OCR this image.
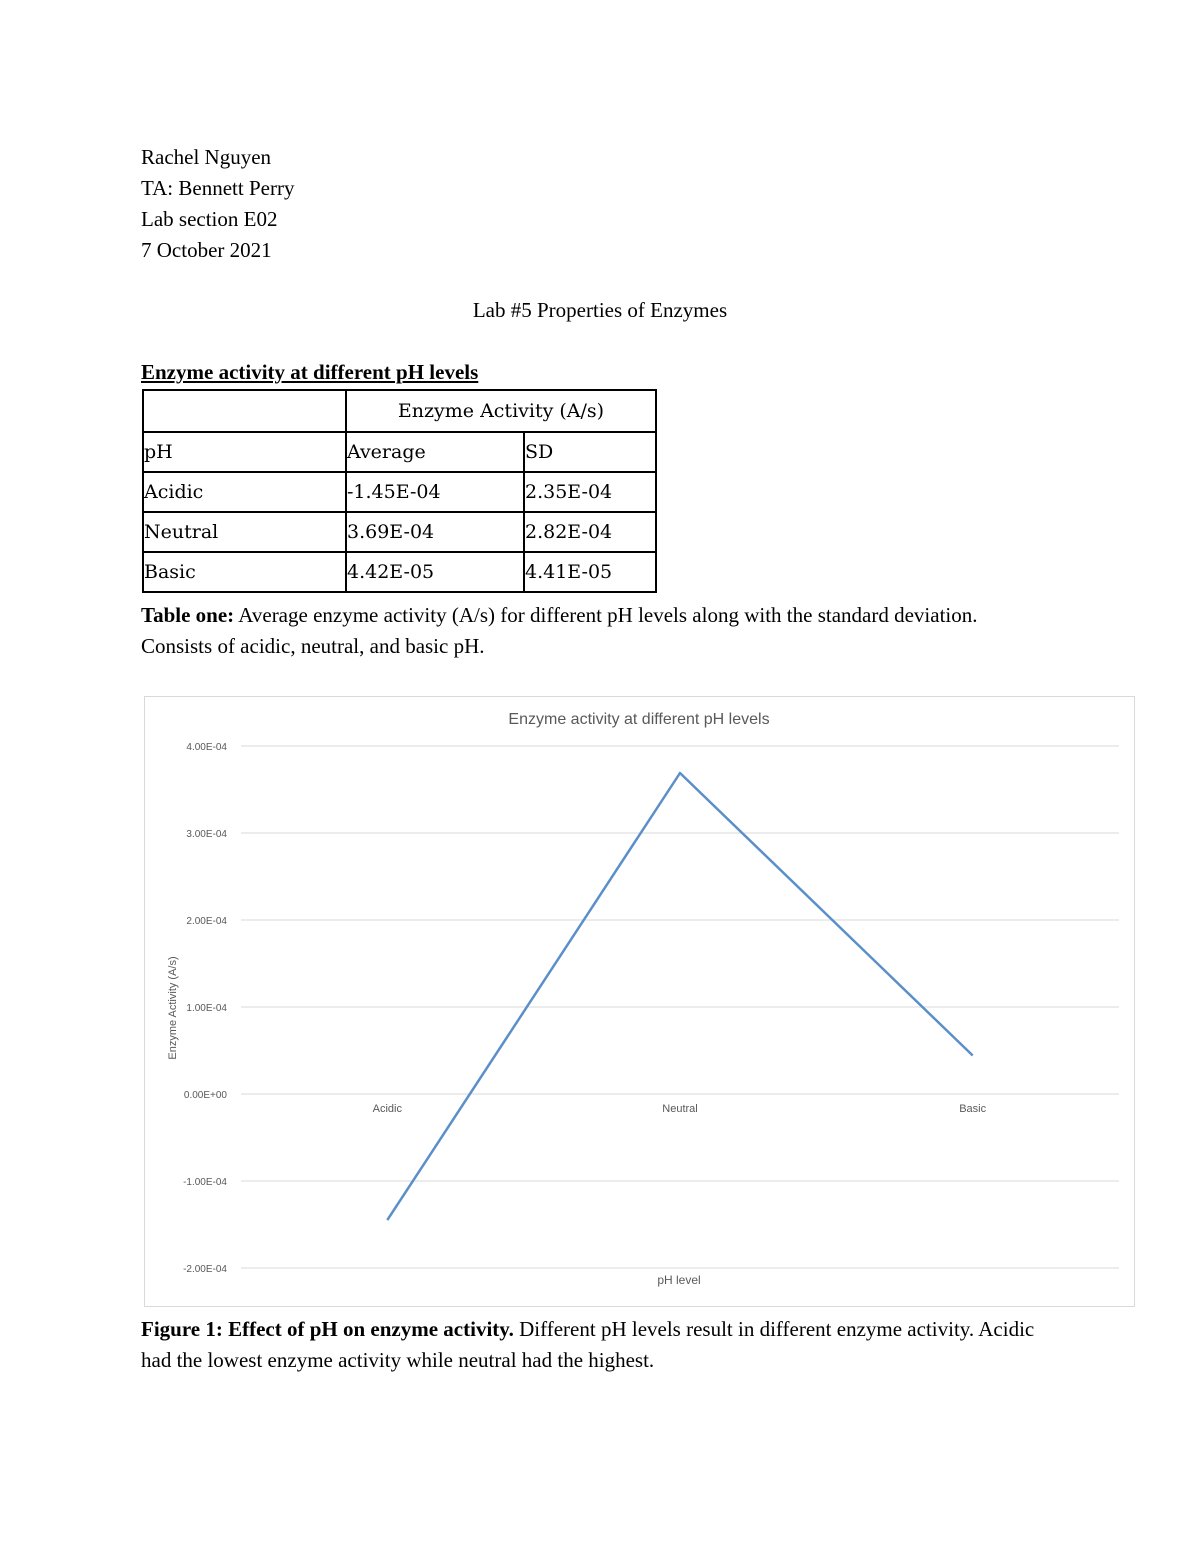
Rachel Nguyen
TA: Bennett Perry
Lab section E02
7 October 2021
Lab #5 Properties of Enzymes
Enzyme activity at different pH levels
	Enzyme Activity (A/s)	
pH	Average	SD
Acidic	-1.45E-04	2.35E-04
Neutral	3.69E-04	2.82E-04
Basic	4.42E-05	4.41E-05
Table one: Average enzyme activity (A/s) for different pH levels along with the standard deviation. Consists of acidic, neutral, and basic pH.
Enzyme activity at different pH levels
pH level
Enzyme Activity (A/s)
4.00E-04
3.00E-04
2.00E-04
1.00E-04
0.00E+00
-1.00E-04
-2.00E-04
Acidic	Neutral	Basic
Figure 1: Effect of pH on enzyme activity. Different pH levels result in different enzyme activity. Acidic had the lowest enzyme activity while neutral had the highest.
